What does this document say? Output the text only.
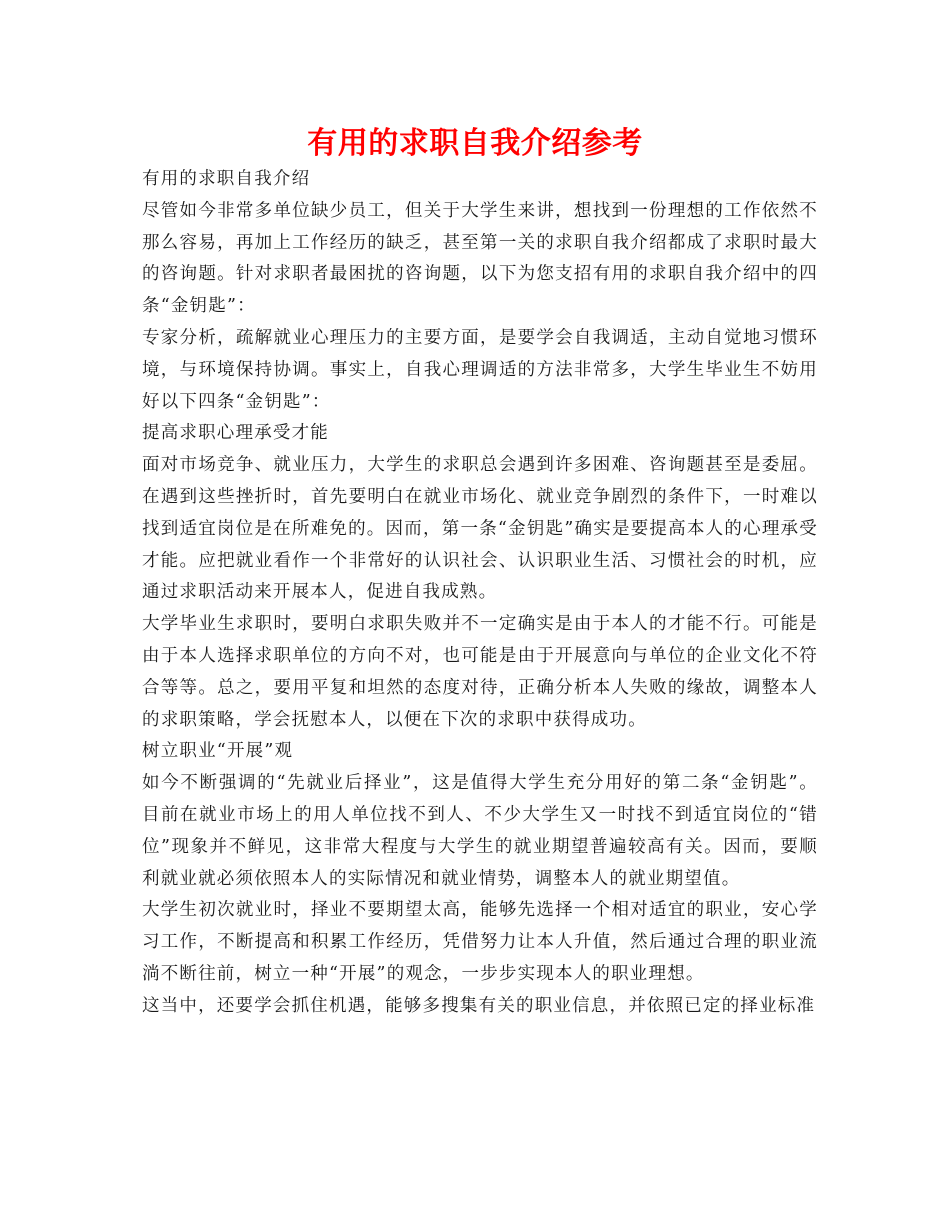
有用的求职自我介绍参考

有用的求职自我介绍

尽管如今非常多单位缺少员工，但关于大学生来讲，想找到一份理想的工作依然不那么容易，再加上工作经历的缺乏，甚至第一关的求职自我介绍都成了求职时最大的咨询题。针对求职者最困扰的咨询题，以下为您支招有用的求职自我介绍中的四条“金钥匙”：

专家分析，疏解就业心理压力的主要方面，是要学会自我调适，主动自觉地习惯环境，与环境保持协调。事实上，自我心理调适的方法非常多，大学生毕业生不妨用好以下四条“金钥匙”：

提高求职心理承受才能

面对市场竞争、就业压力，大学生的求职总会遇到许多困难、咨询题甚至是委屈。在遇到这些挫折时，首先要明白在就业市场化、就业竞争剧烈的条件下，一时难以找到适宜岗位是在所难免的。因而，第一条“金钥匙”确实是要提高本人的心理承受才能。应把就业看作一个非常好的认识社会、认识职业生活、习惯社会的时机，应通过求职活动来开展本人，促进自我成熟。

大学毕业生求职时，要明白求职失败并不一定确实是由于本人的才能不行。可能是由于本人选择求职单位的方向不对，也可能是由于开展意向与单位的企业文化不符合等等。总之，要用平复和坦然的态度对待，正确分析本人失败的缘故，调整本人的求职策略，学会抚慰本人，以便在下次的求职中获得成功。

树立职业“开展”观

如今不断强调的“先就业后择业”，这是值得大学生充分用好的第二条“金钥匙”。目前在就业市场上的用人单位找不到人、不少大学生又一时找不到适宜岗位的“错位”现象并不鲜见，这非常大程度与大学生的就业期望普遍较高有关。因而，要顺利就业就必须依照本人的实际情况和就业情势，调整本人的就业期望值。

大学生初次就业时，择业不要期望太高，能够先选择一个相对适宜的职业，安心学习工作，不断提高和积累工作经历，凭借努力让本人升值，然后通过合理的职业流淌不断往前，树立一种“开展”的观念，一步步实现本人的职业理想。

这当中，还要学会抓住机遇，能够多搜集有关的职业信息，并依照已定的择业标准
